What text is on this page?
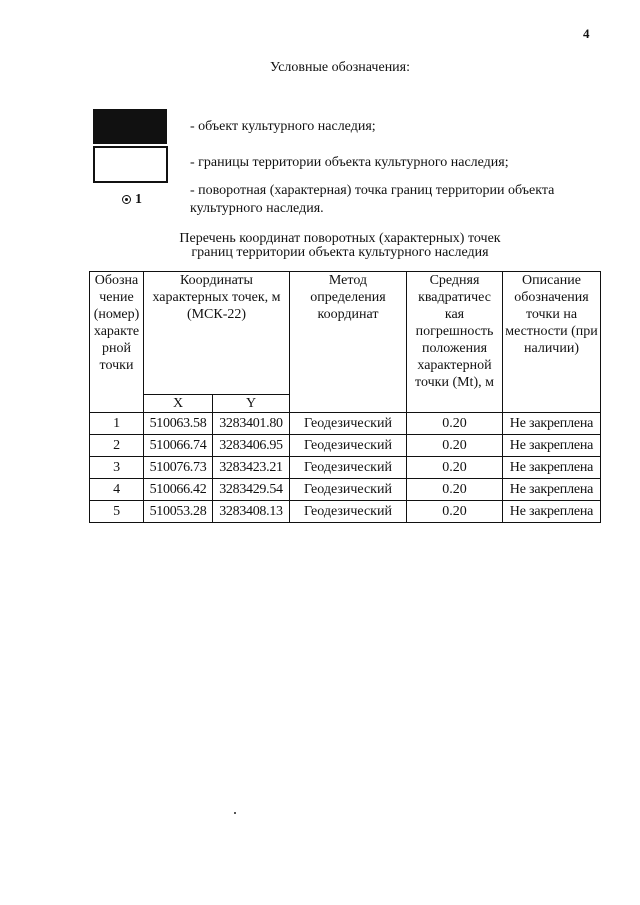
4
Условные обозначения:
- объект культурного наследия;
- границы территории объекта культурного наследия;
1
- поворотная (характерная) точка границ территории объекта культурного наследия.
Перечень координат поворотных (характерных) точек
границ территории объекта культурного наследия
Обозна чение (номер) характе рной точки	Координаты характерных точек, м (МСК-22)		Метод определения координат	Средняя квадратичес кая погрешность положения характерной точки (Mt), м	Описание обозначения точки на местности (при наличии)
	X	Y			
1	510063.58	3283401.80	Геодезический	0.20	Не закреплена
2	510066.74	3283406.95	Геодезический	0.20	Не закреплена
3	510076.73	3283423.21	Геодезический	0.20	Не закреплена
4	510066.42	3283429.54	Геодезический	0.20	Не закреплена
5	510053.28	3283408.13	Геодезический	0.20	Не закреплена
